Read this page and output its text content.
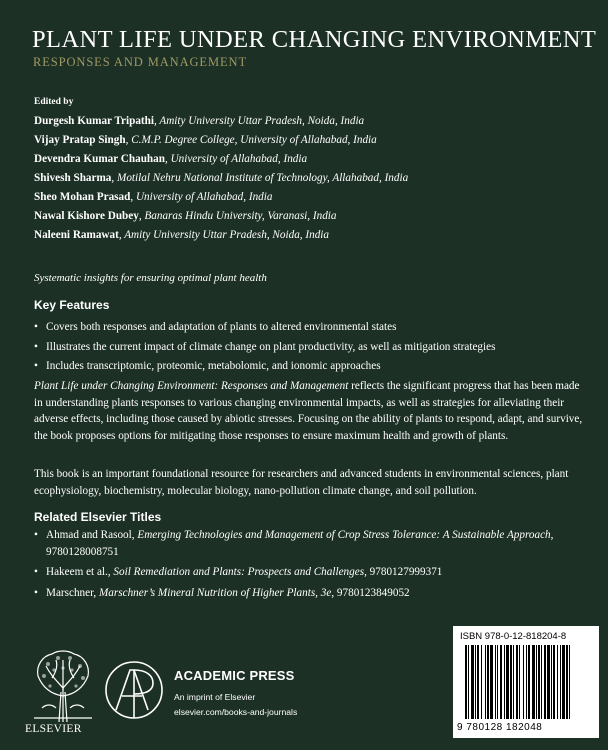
PLANT LIFE UNDER CHANGING ENVIRONMENT
RESPONSES AND MANAGEMENT
Edited by
Durgesh Kumar Tripathi, Amity University Uttar Pradesh, Noida, India
Vijay Pratap Singh, C.M.P. Degree College, University of Allahabad, India
Devendra Kumar Chauhan, University of Allahabad, India
Shivesh Sharma, Motilal Nehru National Institute of Technology, Allahabad, India
Sheo Mohan Prasad, University of Allahabad, India
Nawal Kishore Dubey, Banaras Hindu University, Varanasi, India
Naleeni Ramawat, Amity University Uttar Pradesh, Noida, India
Systematic insights for ensuring optimal plant health
Key Features
• Covers both responses and adaptation of plants to altered environmental states
• Illustrates the current impact of climate change on plant productivity, as well as mitigation strategies
• Includes transcriptomic, proteomic, metabolomic, and ionomic approaches

Plant Life under Changing Environment: Responses and Management reflects the significant progress that has been made in understanding plants responses to various changing environmental impacts, as well as strategies for alleviating their adverse effects, including those caused by abiotic stresses. Focusing on the ability of plants to respond, adapt, and survive, the book proposes options for mitigating those responses to ensure maximum health and growth of plants.

This book is an important foundational resource for researchers and advanced students in environmental sciences, plant ecophysiology, biochemistry, molecular biology, nano-pollution climate change, and soil pollution.

Related Elsevier Titles
• Ahmad and Rasool, Emerging Technologies and Management of Crop Stress Tolerance: A Sustainable Approach, 9780128008751
• Hakeem et al., Soil Remediation and Plants: Prospects and Challenges, 9780127999371
• Marschner, Marschner’s Mineral Nutrition of Higher Plants, 3e, 9780123849052
ELSEVIER
ACADEMIC PRESS
An imprint of Elsevier
elsevier.com/books-and-journals
ISBN 978-0-12-818204-8
9 780128 182048
